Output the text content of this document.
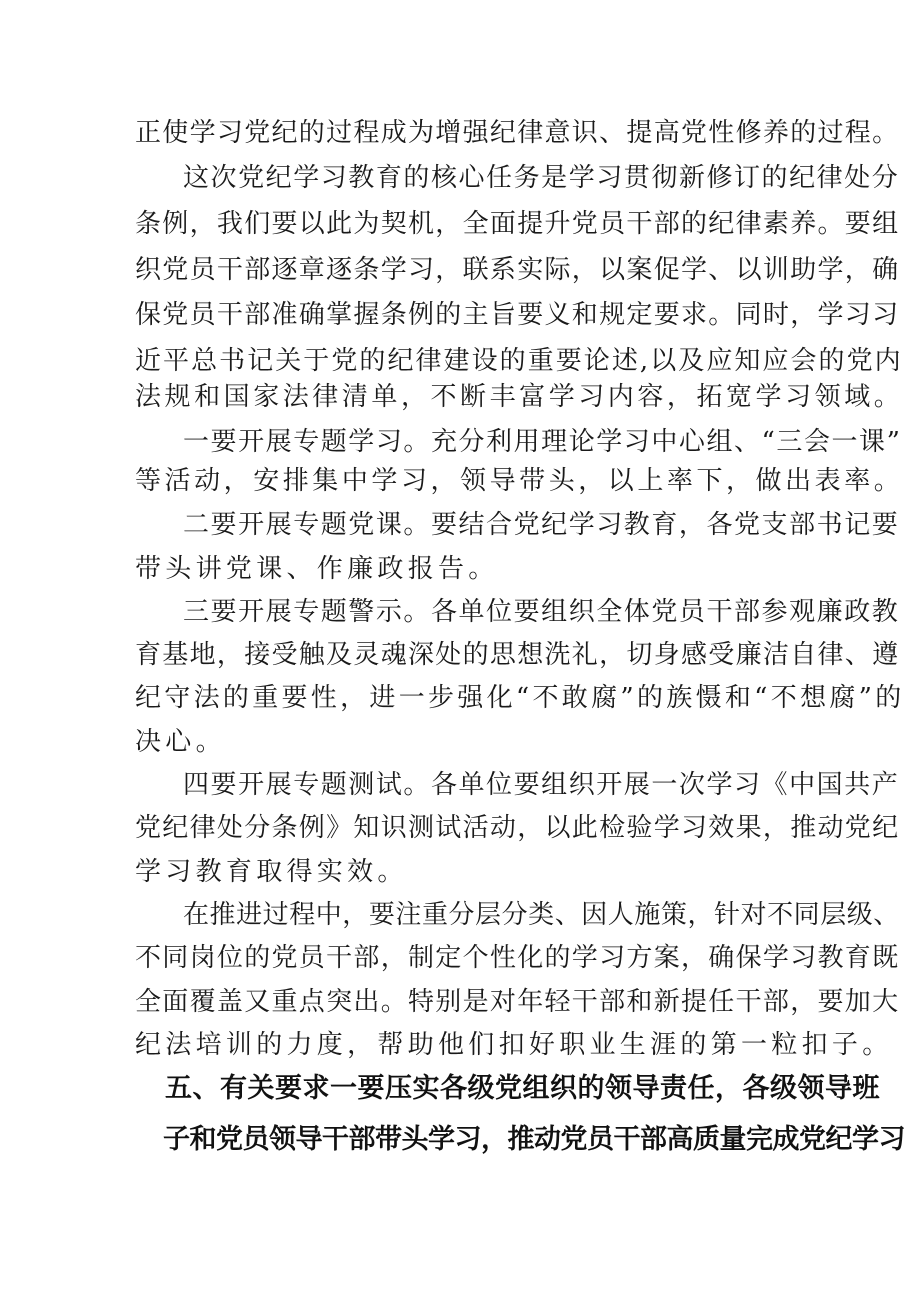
正使学习党纪的过程成为增强纪律意识、提高党性修养的过程。
这次党纪学习教育的核心任务是学习贯彻新修订的纪律处分
条例，我们要以此为契机，全面提升党员干部的纪律素养。要组
织党员干部逐章逐条学习，联系实际，以案促学、以训助学，确
保党员干部准确掌握条例的主旨要义和规定要求。同时，学习习
近平总书记关于党的纪律建设的重要论述,以及应知应会的党内
法规和国家法律清单，不断丰富学习内容，拓宽学习领域。
一要开展专题学习。充分利用理论学习中心组、“三会一课”
等活动，安排集中学习，领导带头，以上率下，做出表率。
二要开展专题党课。要结合党纪学习教育，各党支部书记要
带头讲党课、作廉政报告。
三要开展专题警示。各单位要组织全体党员干部参观廉政教
育基地，接受触及灵魂深处的思想洗礼，切身感受廉洁自律、遵
纪守法的重要性，进一步强化“不敢腐”的族慑和“不想腐”的
决心。
四要开展专题测试。各单位要组织开展一次学习《中国共产
党纪律处分条例》知识测试活动，以此检验学习效果，推动党纪
学习教育取得实效。
在推进过程中，要注重分层分类、因人施策，针对不同层级、
不同岗位的党员干部，制定个性化的学习方案，确保学习教育既
全面覆盖又重点突出。特别是对年轻干部和新提任干部，要加大
纪法培训的力度，帮助他们扣好职业生涯的第一粒扣子。
五、有关要求一要压实各级党组织的领导责任，各级领导班
子和党员领导干部带头学习，推动党员干部高质量完成党纪学习
